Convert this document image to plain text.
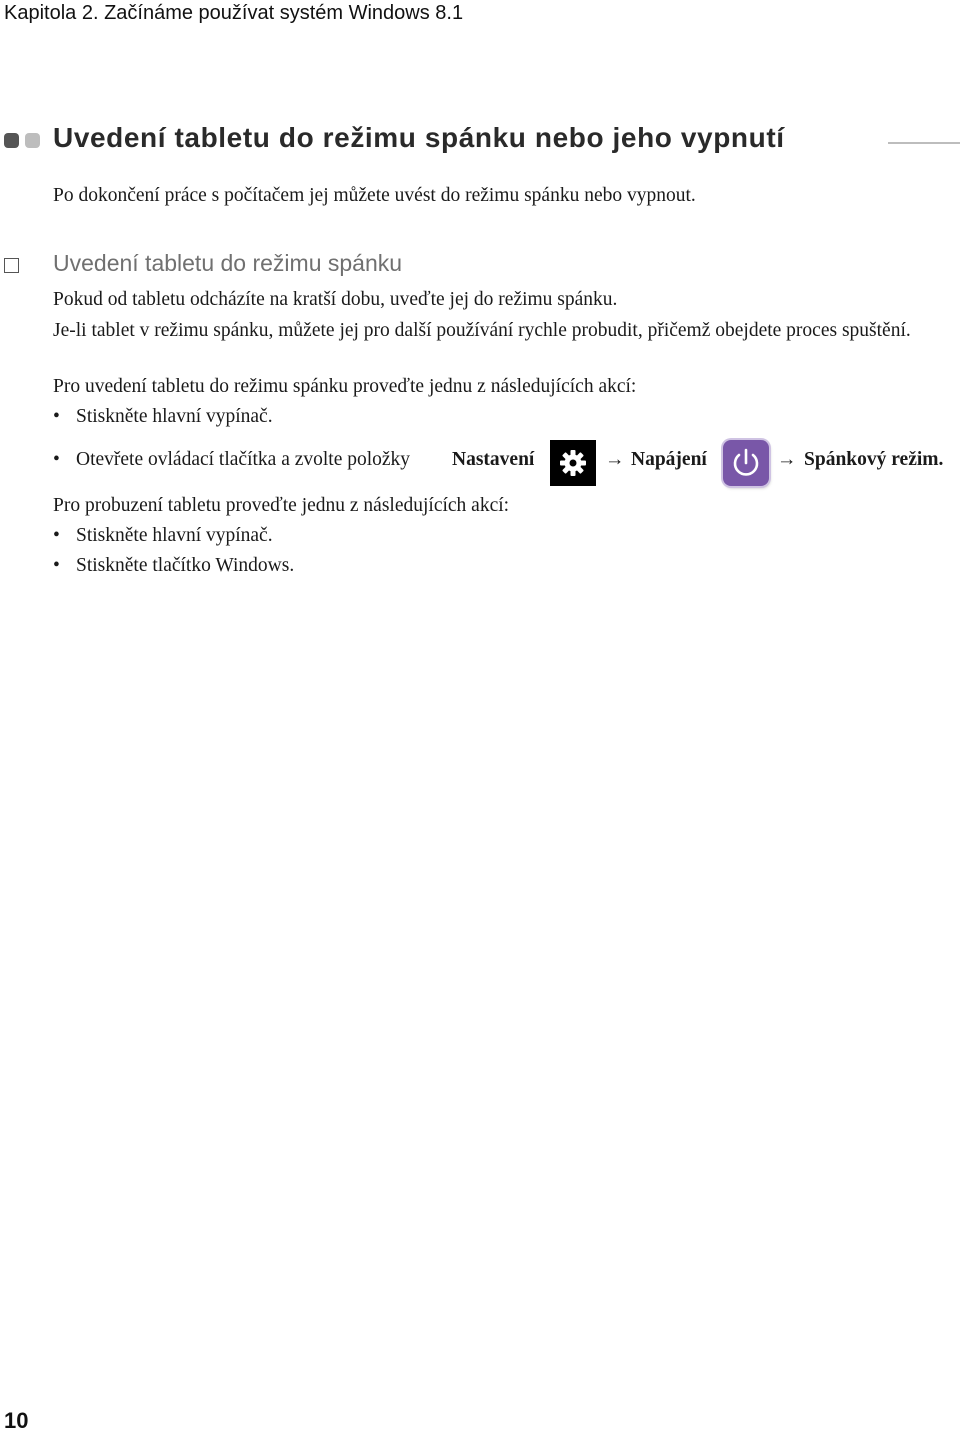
Kapitola 2. Začínáme používat systém Windows 8.1
Uvedení tabletu do režimu spánku nebo jeho vypnutí
Po dokončení práce s počítačem jej můžete uvést do režimu spánku nebo vypnout.
Uvedení tabletu do režimu spánku
Pokud od tabletu odcházíte na kratší dobu, uveďte jej do režimu spánku.
Je-li tablet v režimu spánku, můžete jej pro další používání rychle probudit, přičemž obejdete proces spuštění.
Pro uvedení tabletu do režimu spánku proveďte jednu z následujících akcí:
• Stiskněte hlavní vypínač.
• Otevřete ovládací tlačítka a zvolte položky Nastavení	→ Napájení	→ Spánkový režim.
Pro probuzení tabletu proveďte jednu z následujících akcí:
• Stiskněte hlavní vypínač.
• Stiskněte tlačítko Windows.
10
